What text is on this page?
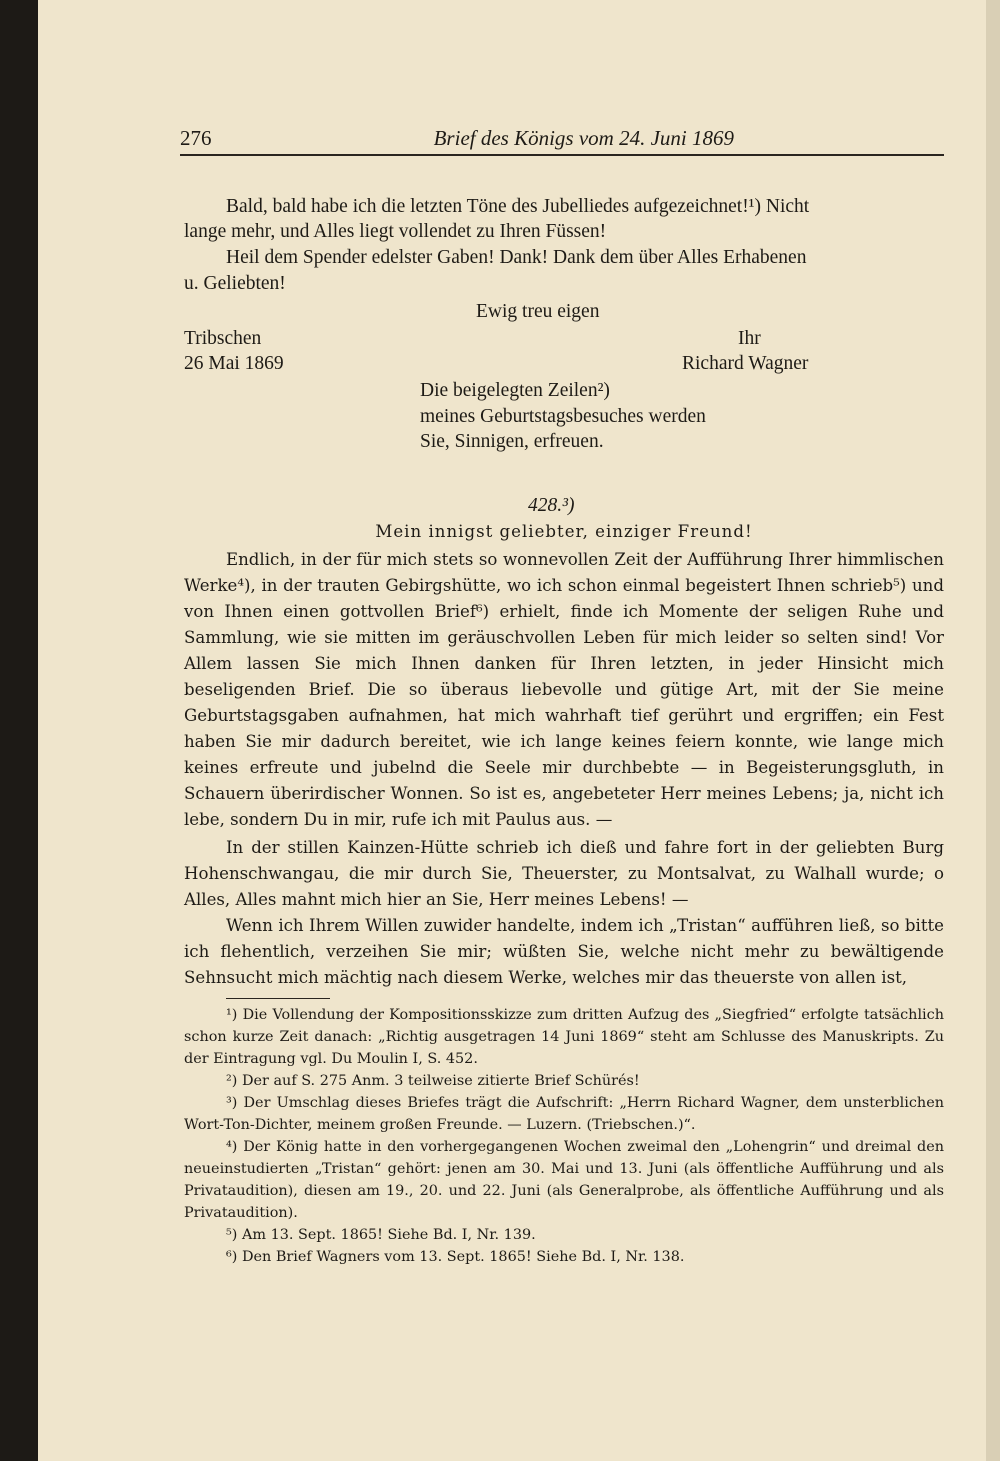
276	Brief des Königs vom 24. Juni 1869
Bald, bald habe ich die letzten Töne des Jubelliedes aufgezeichnet!¹) Nicht
lange mehr, und Alles liegt vollendet zu Ihren Füssen!
Heil dem Spender edelster Gaben! Dank! Dank dem über Alles Erhabenen
u. Geliebten!
Ewig treu eigen
Tribschen	Ihr
26 Mai 1869	Richard Wagner
Die beigelegten Zeilen²)
meines Geburtstagsbesuches werden
Sie, Sinnigen, erfreuen.
428.³)
Mein innigst geliebter, einziger Freund!
Endlich, in der für mich stets so wonnevollen Zeit der Aufführung Ihrer himmlischen Werke⁴), in der trauten Gebirgshütte, wo ich schon einmal begeistert Ihnen schrieb⁵) und von Ihnen einen gottvollen Brief⁶) erhielt, finde ich Momente der seligen Ruhe und Sammlung, wie sie mitten im geräuschvollen Leben für mich leider so selten sind! Vor Allem lassen Sie mich Ihnen danken für Ihren letzten, in jeder Hinsicht mich beseligenden Brief. Die so überaus liebevolle und gütige Art, mit der Sie meine Geburtstagsgaben aufnahmen, hat mich wahrhaft tief gerührt und ergriffen; ein Fest haben Sie mir dadurch bereitet, wie ich lange keines feiern konnte, wie lange mich keines erfreute und jubelnd die Seele mir durchbebte — in Begeisterungsgluth, in Schauern überirdischer Wonnen. So ist es, angebeteter Herr meines Lebens; ja, nicht ich lebe, sondern Du in mir, rufe ich mit Paulus aus. —
In der stillen Kainzen-Hütte schrieb ich dieß und fahre fort in der geliebten Burg Hohenschwangau, die mir durch Sie, Theuerster, zu Montsalvat, zu Walhall wurde; o Alles, Alles mahnt mich hier an Sie, Herr meines Lebens! —
Wenn ich Ihrem Willen zuwider handelte, indem ich „Tristan“ aufführen ließ, so bitte ich flehentlich, verzeihen Sie mir; wüßten Sie, welche nicht mehr zu bewältigende Sehnsucht mich mächtig nach diesem Werke, welches mir das theuerste von allen ist,
¹) Die Vollendung der Kompositionsskizze zum dritten Aufzug des „Siegfried“ erfolgte tatsächlich schon kurze Zeit danach: „Richtig ausgetragen 14 Juni 1869“ steht am Schlusse des Manuskripts. Zu der Eintragung vgl. Du Moulin I, S. 452.
²) Der auf S. 275 Anm. 3 teilweise zitierte Brief Schürés!
³) Der Umschlag dieses Briefes trägt die Aufschrift: „Herrn Richard Wagner, dem unsterblichen Wort-Ton-Dichter, meinem großen Freunde. — Luzern. (Triebschen.)“.
⁴) Der König hatte in den vorhergegangenen Wochen zweimal den „Lohengrin“ und dreimal den neueinstudierten „Tristan“ gehört: jenen am 30. Mai und 13. Juni (als öffentliche Aufführung und als Privataudition), diesen am 19., 20. und 22. Juni (als Generalprobe, als öffentliche Aufführung und als Privataudition).
⁵) Am 13. Sept. 1865! Siehe Bd. I, Nr. 139.
⁶) Den Brief Wagners vom 13. Sept. 1865! Siehe Bd. I, Nr. 138.
